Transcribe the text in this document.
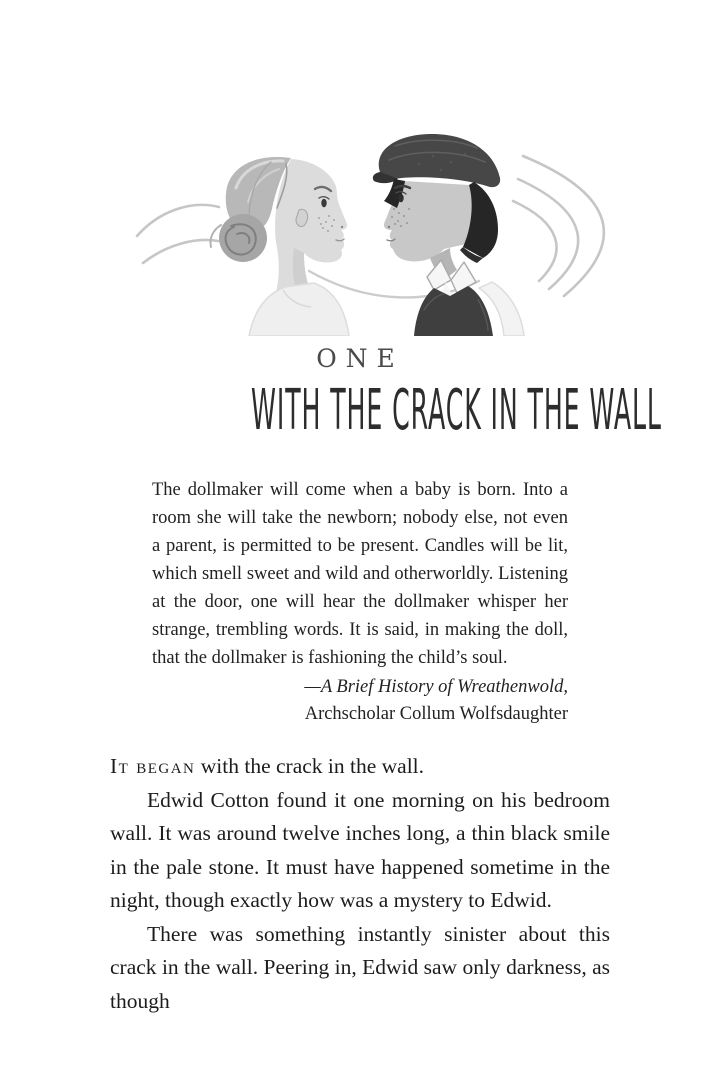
ONE
WITH THE CRACK IN THE WALL
The dollmaker will come when a baby is born. Into a room she will take the newborn; nobody else, not even a parent, is permitted to be present. Candles will be lit, which smell sweet and wild and otherworldly. Listening at the door, one will hear the dollmaker whisper her strange, trembling words. It is said, in making the doll, that the dollmaker is fashioning the child’s soul.
—A Brief History of Wreathenwold,
Archscholar Collum Wolfsdaughter

It began with the crack in the wall.

Edwid Cotton found it one morning on his bedroom wall. It was around twelve inches long, a thin black smile in the pale stone. It must have happened sometime in the night, though exactly how was a mystery to Edwid.

There was something instantly sinister about this crack in the wall. Peering in, Edwid saw only darkness, as though
